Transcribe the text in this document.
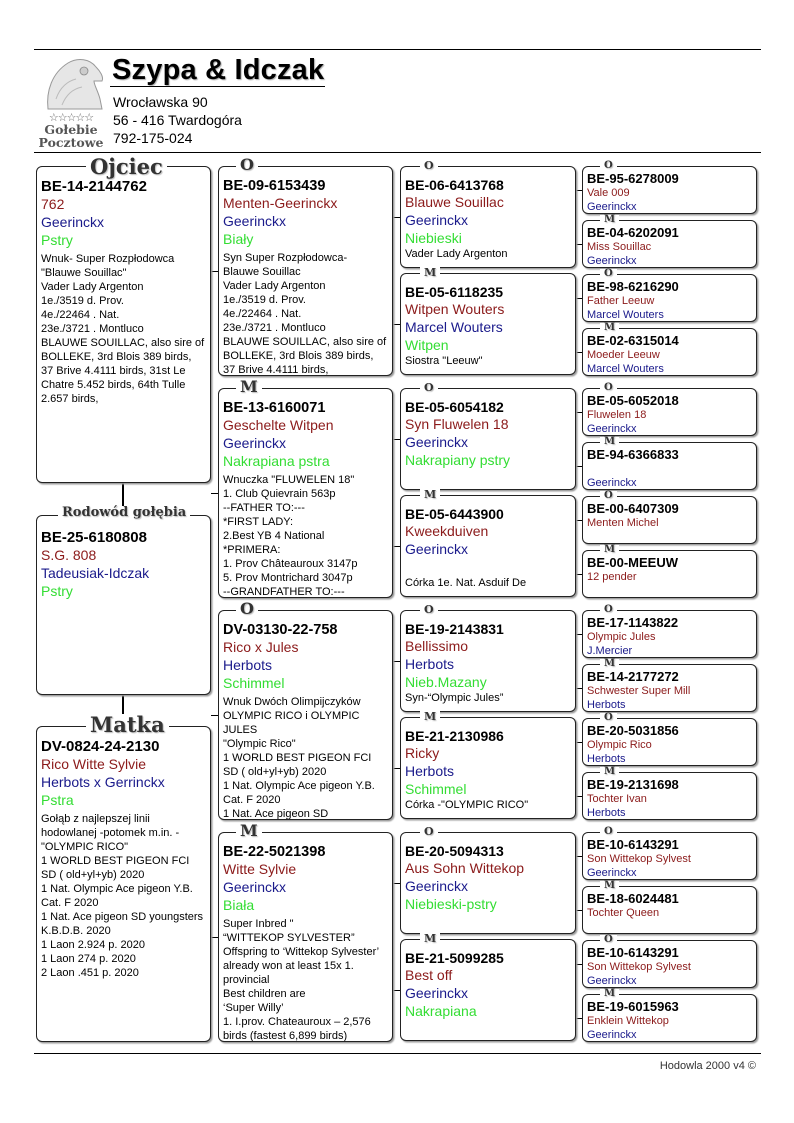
☆☆☆☆☆
Gołebie
Pocztowe
Szypa & Idczak
Wrocławska 90
56 - 416 Twardogóra
792-175-024
BE-14-2144762
762
Geerinckx
Pstry
Wnuk- Super Rozpłodowca
"Blauwe Souillac"
Vader Lady Argenton
1e./3519 d. Prov.
4e./22464 . Nat.
23e./3721 . Montluco
BLAUWE SOUILLAC, also sire of BOLLEKE, 3rd Blois 389 birds, 37 Brive 4.4111 birds, 31st Le Chatre 5.452 birds, 64th Tulle 2.657 birds,
Ojciec
BE-25-6180808
S.G. 808
Tadeusiak-Idczak
Pstry
Rodowód gołębia
DV-0824-24-2130
Rico Witte Sylvie
Herbots x Gerrinckx
Pstra
Gołąb z najlepszej linii hodowlanej -potomek m.in. -"OLYMPIC RICO"
1 WORLD BEST PIGEON FCI SD ( old+yl+yb) 2020
1 Nat. Olympic Ace pigeon Y.B. Cat. F 2020
1 Nat. Ace pigeon SD youngsters K.B.D.B. 2020
1 Laon 2.924 p. 2020
1 Laon 274 p. 2020
2 Laon .451 p. 2020
Matka
Hodowla 2000 v4 ©
BE-09-6153439
Menten-Geerinckx
Geerinckx
Biały
Syn Super Rozpłodowca-
Blauwe Souillac
Vader Lady Argenton
1e./3519 d. Prov.
4e./22464 . Nat.
23e./3721 . Montluco
BLAUWE SOUILLAC, also sire of BOLLEKE, 3rd Blois 389 birds, 37 Brive 4.4111 birds,
O
BE-13-6160071
Geschelte Witpen
Geerinckx
Nakrapiana pstra
Wnuczka "FLUWELEN 18"
1. Club Quievrain 563p
--FATHER TO:---
*FIRST LADY:
2.Best YB 4 National
*PRIMERA:
1. Prov Châteauroux 3147p
5. Prov Montrichard 3047p
--GRANDFATHER TO:---
M
DV-03130-22-758
Rico x Jules
Herbots
Schimmel
Wnuk Dwóch Olimpijczyków OLYMPIC RICO i OLYMPIC JULES
"Olympic Rico"
1 WORLD BEST PIGEON FCI SD ( old+yl+yb) 2020
1 Nat. Olympic Ace pigeon Y.B. Cat. F 2020
1 Nat. Ace pigeon SD
O
BE-22-5021398
Witte Sylvie
Geerinckx
Biała
Super Inbred "
“WITTEKOP SYLVESTER”
Offspring to ‘Wittekop Sylvester’ already won at least 15x 1. provincial
Best children are
‘Super Willy’
1. I.prov. Chateauroux – 2,576 birds (fastest 6,899 birds)
M
BE-06-6413768
Blauwe Souillac
Geerinckx
Niebieski
Vader Lady Argenton
O
BE-05-6118235
Witpen Wouters
Marcel Wouters
Witpen
Siostra "Leeuw"
M
BE-05-6054182
Syn Fluwelen 18
Geerinckx
Nakrapiany pstry
O
BE-05-6443900
Kweekduiven
Geerinckx

Córka 1e. Nat. Asduif De
M
BE-19-2143831
Bellissimo
Herbots
Nieb.Mazany
Syn-“Olympic Jules”
O
BE-21-2130986
Ricky
Herbots
Schimmel
Córka -"OLYMPIC RICO"
M
BE-20-5094313
Aus Sohn Wittekop
Geerinckx
Niebieski-pstry
O
BE-21-5099285
Best off
Geerinckx
Nakrapiana
M
BE-95-6278009
Vale 009
Geerinckx
O
BE-04-6202091
Miss Souillac
Geerinckx
M
BE-98-6216290
Father Leeuw
Marcel Wouters
O
BE-02-6315014
Moeder Leeuw
Marcel Wouters
M
BE-05-6052018
Fluwelen 18
Geerinckx
O
BE-94-6366833

Geerinckx
M
BE-00-6407309
Menten Michel
O
BE-00-MEEUW
12 pender
M
BE-17-1143822
Olympic Jules
J.Mercier
O
BE-14-2177272
Schwester Super Mill
Herbots
M
BE-20-5031856
Olympic Rico
Herbots
O
BE-19-2131698
Tochter Ivan
Herbots
M
BE-10-6143291
Son Wittekop Sylvest
Geerinckx
O
BE-18-6024481
Tochter Queen
M
BE-10-6143291
Son Wittekop Sylvest
Geerinckx
O
BE-19-6015963
Enklein Wittekop
Geerinckx
M
